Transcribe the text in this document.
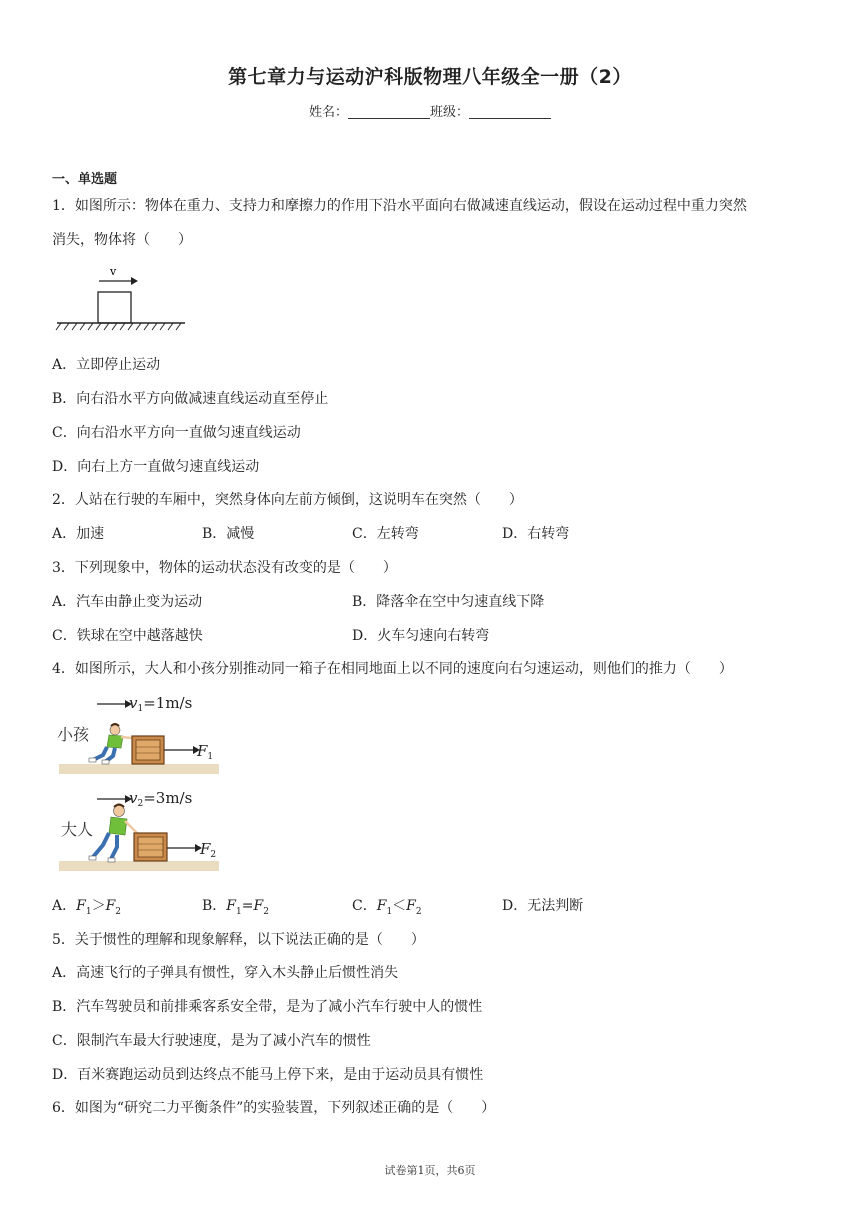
第七章力与运动沪科版物理八年级全一册（2）
姓名：	班级：
一、单选题
1．如图所示：物体在重力、支持力和摩擦力的作用下沿水平面向右做减速直线运动，假设在运动过程中重力突然
消失，物体将（　　）
v
A．立即停止运动
B．向右沿水平方向做减速直线运动直至停止
C．向右沿水平方向一直做匀速直线运动
D．向右上方一直做匀速直线运动
2．人站在行驶的车厢中，突然身体向左前方倾倒，这说明车在突然（　　）
A．加速	B．减慢	C．左转弯	D．右转弯
3．下列现象中，物体的运动状态没有改变的是（　　）
A．汽车由静止变为运动	B．降落伞在空中匀速直线下降
C．铁球在空中越落越快	D．火车匀速向右转弯
4．如图所示，大人和小孩分别推动同一箱子在相同地面上以不同的速度向右匀速运动，则他们的推力（　　）
小孩
$v_1=1m/s$
$F_1$
大人
$v_2=3m/s$
$F_2$
A．$F_1>F_2$	B．$F_1=F_2$	C．$F_1<F_2$	D．无法判断
5．关于惯性的理解和现象解释，以下说法正确的是（　　）
A．高速飞行的子弹具有惯性，穿入木头静止后惯性消失
B．汽车驾驶员和前排乘客系安全带，是为了减小汽车行驶中人的惯性
C．限制汽车最大行驶速度，是为了减小汽车的惯性
D．百米赛跑运动员到达终点不能马上停下来，是由于运动员具有惯性
6．如图为“研究二力平衡条件”的实验装置，下列叙述正确的是（　　）
试卷第1页，共6页
